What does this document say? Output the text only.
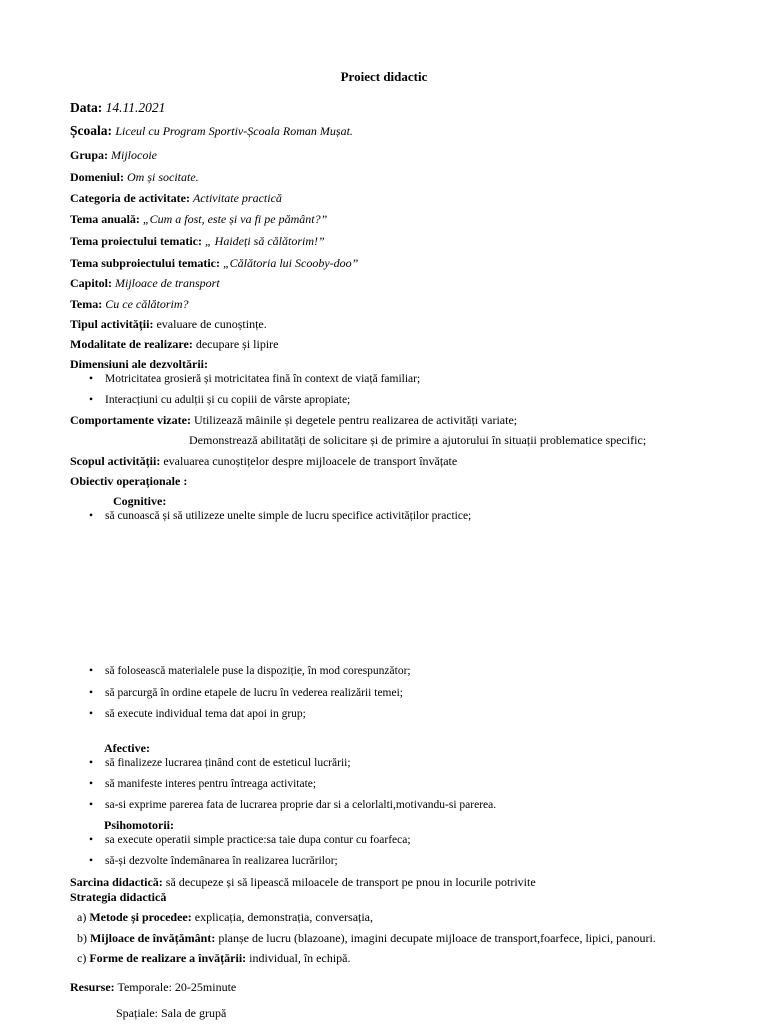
Proiect didactic
Data: 14.11.2021
Școala: Liceul cu Program Sportiv-Școala Roman Mușat.
Grupa: Mijlocoie
Domeniul: Om și socitate.
Categoria de activitate: Activitate practică
Tema anuală: „Cum a fost, este și va fi pe pământ?”
Tema proiectului tematic: „ Haideți să călătorim!”
Tema subproiectului tematic: „Călătoria lui Scooby-doo”
Capitol: Mijloace de transport
Tema: Cu ce călătorim?
Tipul activității: evaluare de cunoștințe.
Modalitate de realizare: decupare și lipire
Dimensiuni ale dezvoltării:
• Motricitatea grosieră și motricitatea fină în context de viață familiar;
• Interacțiuni cu adulții și cu copiii de vârste apropiate;
Comportamente vizate: Utilizează mâinile și degetele pentru realizarea de activități variate;
Demonstrează abilitatăți de solicitare și de primire a ajutorului în situații problematice specific;
Scopul activității: evaluarea cunoștițelor despre mijloacele de transport învățate
Obiectiv operaționale :
Cognitive:
• să cunoască și să utilizeze unelte simple de lucru specifice activităților practice;
• să folosească materialele puse la dispoziție, în mod corespunzător;
• să parcurgă în ordine etapele de lucru în vederea realizării temei;
• să execute individual tema dat apoi in grup;
Afective:
• să finalizeze lucrarea ținând cont de esteticul lucrării;
• să manifeste interes pentru întreaga activitate;
• sa-si exprime parerea fata de lucrarea proprie dar si a celorlalti,motivandu-si parerea.
Psihomotorii:
• sa execute operatii simple practice:sa taie dupa contur cu foarfeca;
• să-și dezvolte îndemânarea în realizarea lucrărilor;
Sarcina didactică: să decupeze și să lipească miloacele de transport pe pnou in locurile potrivite
Strategia didactică
a) Metode și procedee: explicația, demonstrația, conversația,
b) Mijloace de învățământ: planșe de lucru (blazoane), imagini decupate mijloace de transport,foarfece, lipici, panouri.
c) Forme de realizare a învățării: individual, în echipă.
Resurse: Temporale: 20-25minute
Spațiale: Sala de grupă
